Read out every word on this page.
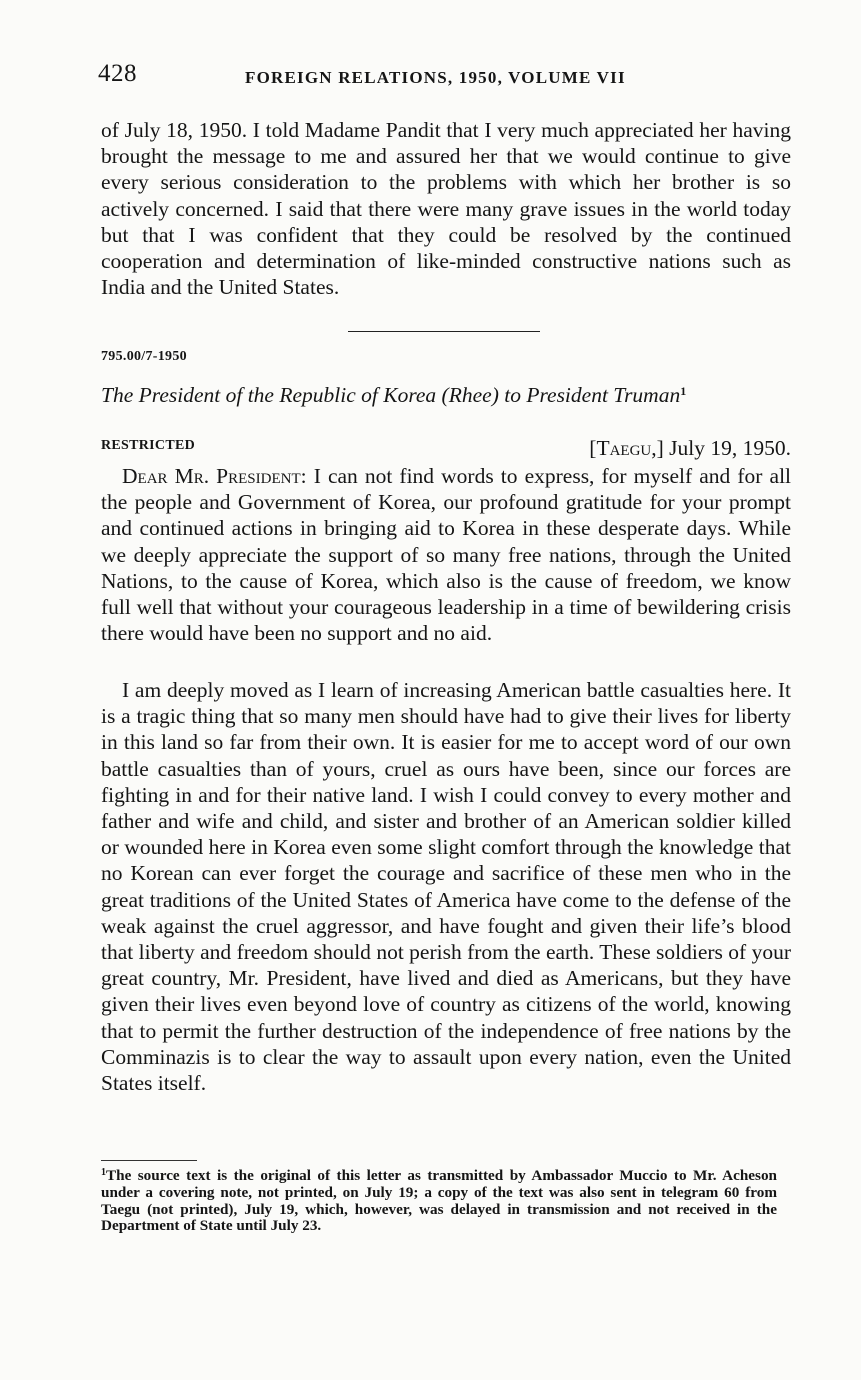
428	FOREIGN RELATIONS, 1950, VOLUME VII

of July 18, 1950. I told Madame Pandit that I very much appreciated her having brought the message to me and assured her that we would continue to give every serious consideration to the problems with which her brother is so actively concerned. I said that there were many grave issues in the world today but that I was confident that they could be resolved by the continued cooperation and determination of like-minded constructive nations such as India and the United States.

795.00/7-1950
The President of the Republic of Korea (Rhee) to President Truman$^1$
RESTRICTED	[Taegu,] July 19, 1950.

Dear Mr. President: I can not find words to express, for myself and for all the people and Government of Korea, our profound gratitude for your prompt and continued actions in bringing aid to Korea in these desperate days. While we deeply appreciate the support of so many free nations, through the United Nations, to the cause of Korea, which also is the cause of freedom, we know full well that without your courageous leadership in a time of bewildering crisis there would have been no support and no aid.

I am deeply moved as I learn of increasing American battle casualties here. It is a tragic thing that so many men should have had to give their lives for liberty in this land so far from their own. It is easier for me to accept word of our own battle casualties than of yours, cruel as ours have been, since our forces are fighting in and for their native land. I wish I could convey to every mother and father and wife and child, and sister and brother of an American soldier killed or wounded here in Korea even some slight comfort through the knowledge that no Korean can ever forget the courage and sacrifice of these men who in the great traditions of the United States of America have come to the defense of the weak against the cruel aggressor, and have fought and given their life’s blood that liberty and freedom should not perish from the earth. These soldiers of your great country, Mr. President, have lived and died as Americans, but they have given their lives even beyond love of country as citizens of the world, knowing that to permit the further destruction of the independence of free nations by the Comminazis is to clear the way to assault upon every nation, even the United States itself.

$^1$The source text is the original of this letter as transmitted by Ambassador Muccio to Mr. Acheson under a covering note, not printed, on July 19; a copy of the text was also sent in telegram 60 from Taegu (not printed), July 19, which, however, was delayed in transmission and not received in the Department of State until July 23.
